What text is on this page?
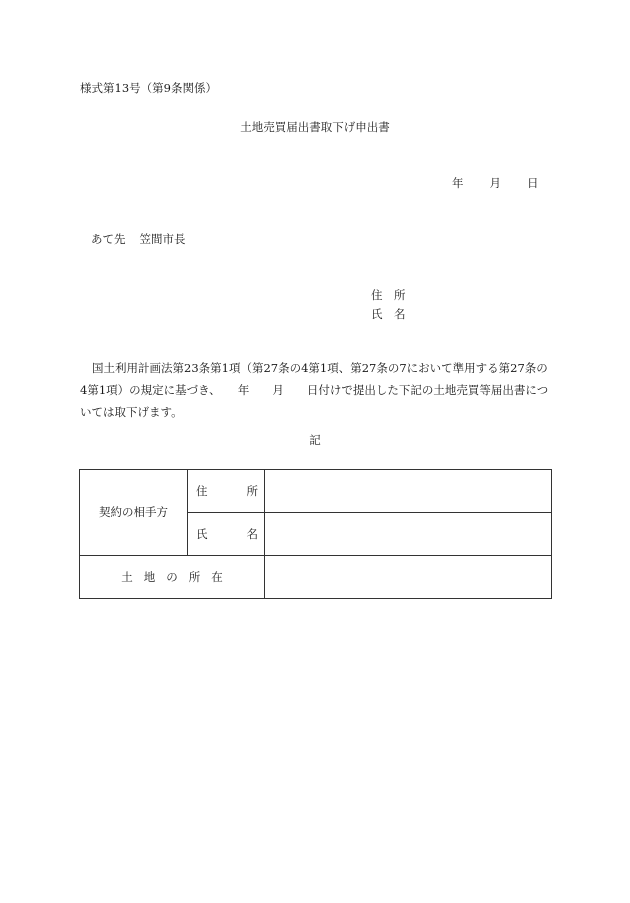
様式第13号（第9条関係）
土地売買届出書取下げ申出書
年 月 日
あて先 笠間市長
住　所
氏　名
国土利用計画法第23条第1項（第27条の4第1項、第27条の7において準用する第27条の4第1項）の規定に基づき、　　年　　月　　日付けで提出した下記の土地売買等届出書については取下げます。
記
契約の相手方	住 所	

	氏 名	

土地の所在		
